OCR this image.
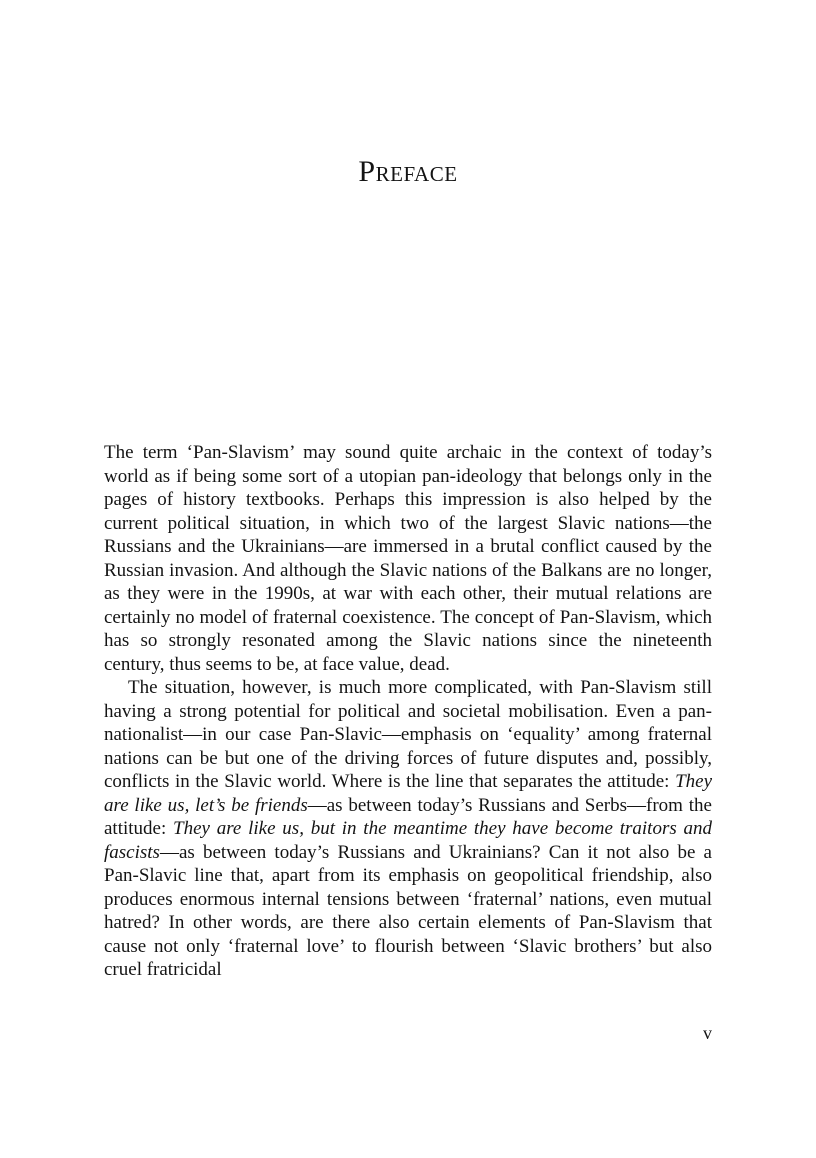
Preface

The term ‘Pan-Slavism’ may sound quite archaic in the context of today’s world as if being some sort of a utopian pan-ideology that belongs only in the pages of history textbooks. Perhaps this impression is also helped by the current political situation, in which two of the largest Slavic nations—the Russians and the Ukrainians—are immersed in a brutal conflict caused by the Russian invasion. And although the Slavic nations of the Balkans are no longer, as they were in the 1990s, at war with each other, their mutual relations are certainly no model of fraternal coexistence. The concept of Pan-Slavism, which has so strongly resonated among the Slavic nations since the nineteenth century, thus seems to be, at face value, dead.

The situation, however, is much more complicated, with Pan-Slavism still having a strong potential for political and societal mobilisation. Even a pan-nationalist—in our case Pan-Slavic—emphasis on ‘equality’ among fraternal nations can be but one of the driving forces of future disputes and, possibly, conflicts in the Slavic world. Where is the line that separates the attitude: They are like us, let’s be friends—as between today’s Russians and Serbs—from the attitude: They are like us, but in the meantime they have become traitors and fascists—as between today’s Russians and Ukrainians? Can it not also be a Pan-Slavic line that, apart from its emphasis on geopolitical friendship, also produces enormous internal tensions between ‘fraternal’ nations, even mutual hatred? In other words, are there also certain elements of Pan-Slavism that cause not only ‘fraternal love’ to flourish between ‘Slavic brothers’ but also cruel fratricidal

v
